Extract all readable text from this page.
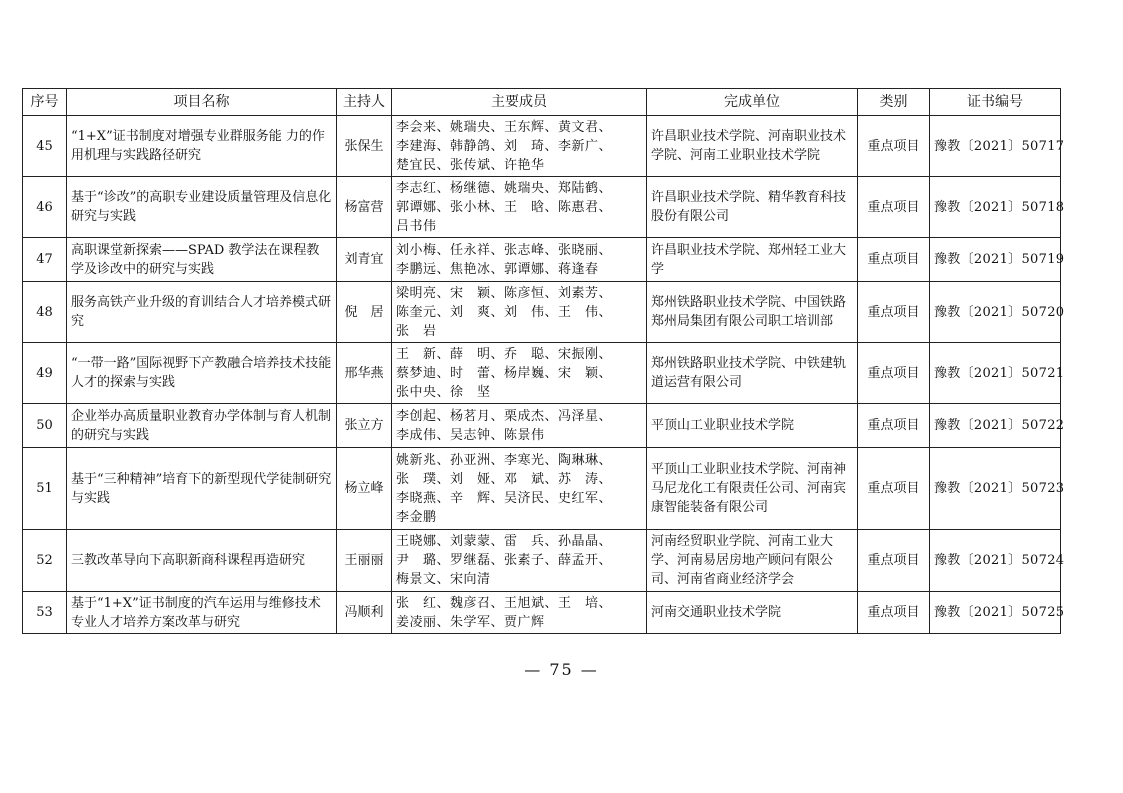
序号	项目名称	主持人	主要成员	完成单位	类别	证书编号
45	“1+X”证书制度对增强专业群服务能 力的作用机理与实践路径研究	张保生	李会来、姚瑞央、王东辉、黄文君、
李建海、韩静鸽、刘　琦、李新广、
楚宜民、张传斌、许艳华	许昌职业技术学院、河南职业技术学院、河南工业职业技术学院	重点项目	豫教〔2021〕50717
46	基于“诊改”的高职专业建设质量管理及信息化研究与实践	杨富营	李志红、杨继德、姚瑞央、郑陆鹤、
郭谭娜、张小林、王　晗、陈惠君、
吕书伟	许昌职业技术学院、精华教育科技股份有限公司	重点项目	豫教〔2021〕50718
47	高职课堂新探索——SPAD 教学法在课程教学及诊改中的研究与实践	刘青宜	刘小梅、任永祥、张志峰、张晓丽、
李鹏远、焦艳冰、郭谭娜、蒋逢春	许昌职业技术学院、郑州轻工业大学	重点项目	豫教〔2021〕50719
48	服务高铁产业升级的育训结合人才培养模式研究	倪　居	梁明亮、宋　颖、陈彦恒、刘素芳、
陈奎元、刘　爽、刘　伟、王　伟、
张　岩	郑州铁路职业技术学院、中国铁路郑州局集团有限公司职工培训部	重点项目	豫教〔2021〕50720
49	“一带一路”国际视野下产教融合培养技术技能人才的探索与实践	邢华燕	王　新、薛　明、乔　聪、宋振刚、
蔡梦迪、时　蕾、杨岸巍、宋　颖、
张中央、徐　坚	郑州铁路职业技术学院、中铁建轨道运营有限公司	重点项目	豫教〔2021〕50721
50	企业举办高质量职业教育办学体制与育人机制的研究与实践	张立方	李创起、杨茗月、栗成杰、冯泽星、
李成伟、吴志钟、陈景伟	平顶山工业职业技术学院	重点项目	豫教〔2021〕50722
51	基于“三种精神”培育下的新型现代学徒制研究与实践	杨立峰	姚新兆、孙亚洲、李寒光、陶琳琳、
张　璞、刘　娅、邓　斌、苏　涛、
李晓燕、辛　辉、吴济民、史红军、
李金鹏	平顶山工业职业技术学院、河南神马尼龙化工有限责任公司、河南宾康智能装备有限公司	重点项目	豫教〔2021〕50723
52	三教改革导向下高职新商科课程再造研究	王丽丽	王晓娜、刘蒙蒙、雷　兵、孙晶晶、
尹　璐、罗继磊、张素子、薛孟开、
梅景文、宋向清	河南经贸职业学院、河南工业大学、河南易居房地产顾问有限公司、河南省商业经济学会	重点项目	豫教〔2021〕50724
53	基于“1+X”证书制度的汽车运用与维修技术专业人才培养方案改革与研究	冯顺利	张　红、魏彦召、王旭斌、王　培、
姜凌丽、朱学军、贾广辉	河南交通职业技术学院	重点项目	豫教〔2021〕50725
— 75 —
